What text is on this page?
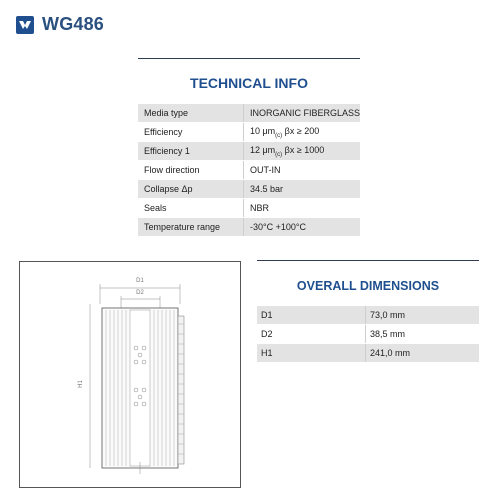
WG486
TECHNICAL INFO
Media type	INORGANIC FIBERGLASS
Efficiency	10 $\mu m_{(c)}$ βx ≥ 200
Efficiency 1	12 $\mu m_{(c)}$ βx ≥ 1000
Flow direction	OUT-IN
Collapse Δp	34.5 bar
Seals	NBR
Temperature range	-30°C +100°C
D1
D2
H1
OVERALL DIMENSIONS
D1	73,0 mm
D2	38,5 mm
H1	241,0 mm
